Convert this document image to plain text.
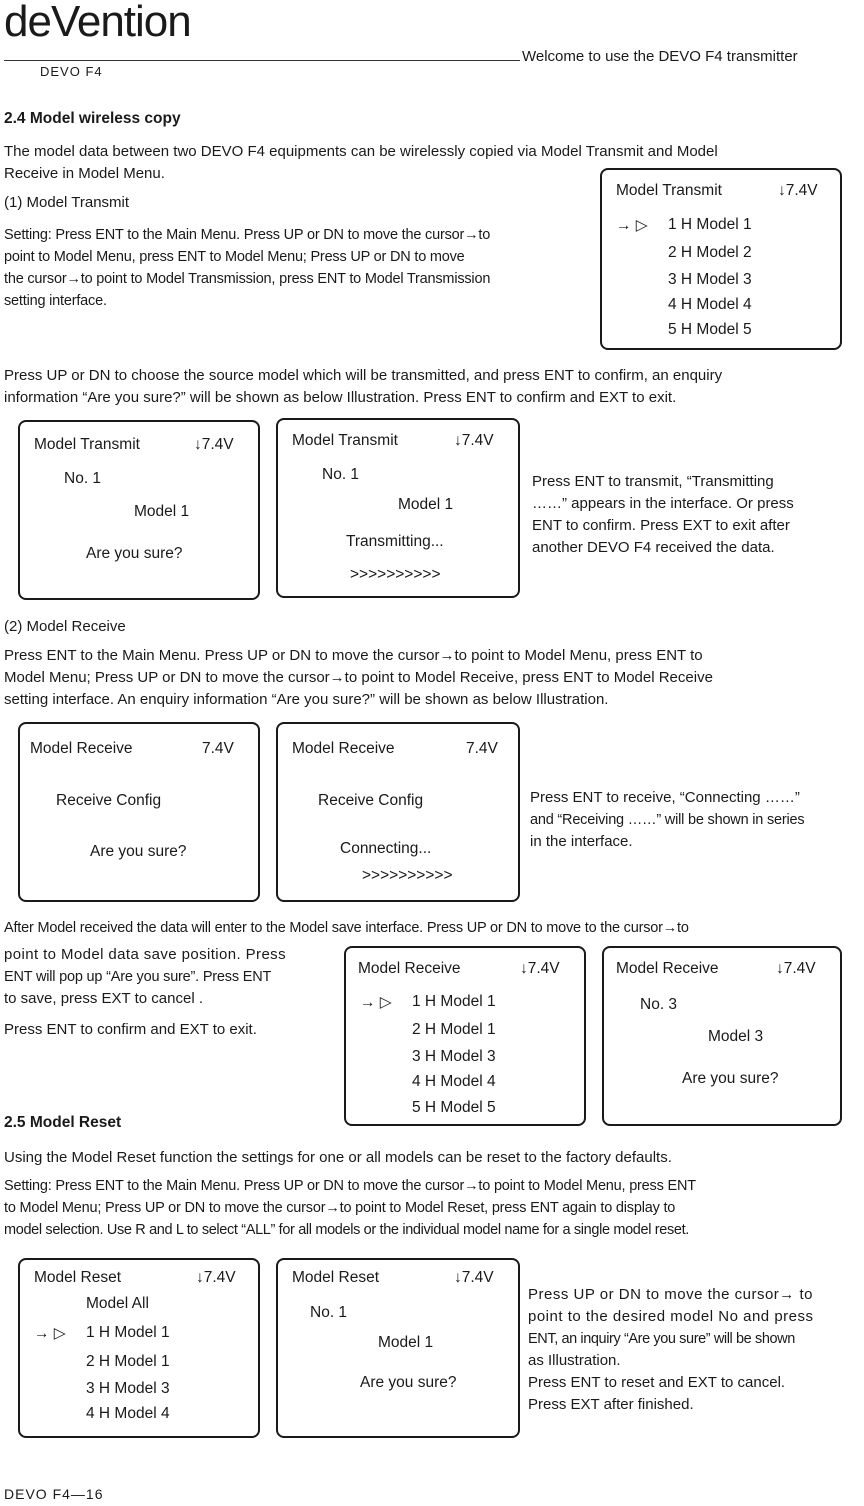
deVention
DEVO F4
Welcome to use the DEVO F4 transmitter
2.4 Model wireless copy
The model data between two DEVO F4 equipments can be wirelessly copied via Model Transmit and Model
Receive in Model Menu.
(1) Model Transmit
Setting: Press ENT to the Main Menu. Press UP or DN to move the cursor→to
point to Model Menu, press ENT to Model Menu; Press UP or DN to move
the cursor→to point to Model Transmission, press ENT to Model Transmission
setting interface.
Model Transmit	↓7.4V
→ ▷ 1 H Model 1
2 H Model 2
3 H Model 3
4 H Model 4
5 H Model 5
Press UP or DN to choose the source model which will be transmitted, and press ENT to confirm, an enquiry
information “Are you sure?” will be shown as below Illustration. Press ENT to confirm and EXT to exit.
Model Transmit	↓7.4V
No. 1
Model 1
Are you sure?
Model Transmit	↓7.4V
No. 1
Model 1
Transmitting...
>>>>>>>>>>
Press ENT to transmit, “Transmitting
……” appears in the interface. Or press
ENT to confirm. Press EXT to exit after
another DEVO F4 received the data.
(2) Model Receive
Press ENT to the Main Menu. Press UP or DN to move the cursor→to point to Model Menu, press ENT to
Model Menu; Press UP or DN to move the cursor→to point to Model Receive, press ENT to Model Receive
setting interface. An enquiry information “Are you sure?” will be shown as below Illustration.
Model Receive	7.4V
Receive Config
Are you sure?
Model Receive	7.4V
Receive Config
Connecting...
>>>>>>>>>>
Press ENT to receive, “Connecting ……”
and “Receiving ……” will be shown in series
in the interface.
After Model received the data will enter to the Model save interface. Press UP or DN to move to the cursor→to
point to Model data save position. Press
ENT will pop up “Are you sure”. Press ENT
to save, press EXT to cancel .
Press ENT to confirm and EXT to exit.
Model Receive	↓7.4V
→ ▷ 1 H Model 1
2 H Model 1
3 H Model 3
4 H Model 4
5 H Model 5
Model Receive	↓7.4V
No. 3
Model 3
Are you sure?
2.5 Model Reset
Using the Model Reset function the settings for one or all models can be reset to the factory defaults.
Setting: Press ENT to the Main Menu. Press UP or DN to move the cursor→to point to Model Menu, press ENT
to Model Menu; Press UP or DN to move the cursor→to point to Model Reset, press ENT again to display to
model selection. Use R and L to select “ALL” for all models or the individual model name for a single model reset.
Model Reset	↓7.4V
Model All
→ ▷ 1 H Model 1
2 H Model 1
3 H Model 3
4 H Model 4
Model Reset	↓7.4V
No. 1
Model 1
Are you sure?
Press UP or DN to move the cursor→ to
point to the desired model No and press
ENT, an inquiry “Are you sure” will be shown
as Illustration.
Press ENT to reset and EXT to cancel.
Press EXT after finished.
DEVO F4—16
